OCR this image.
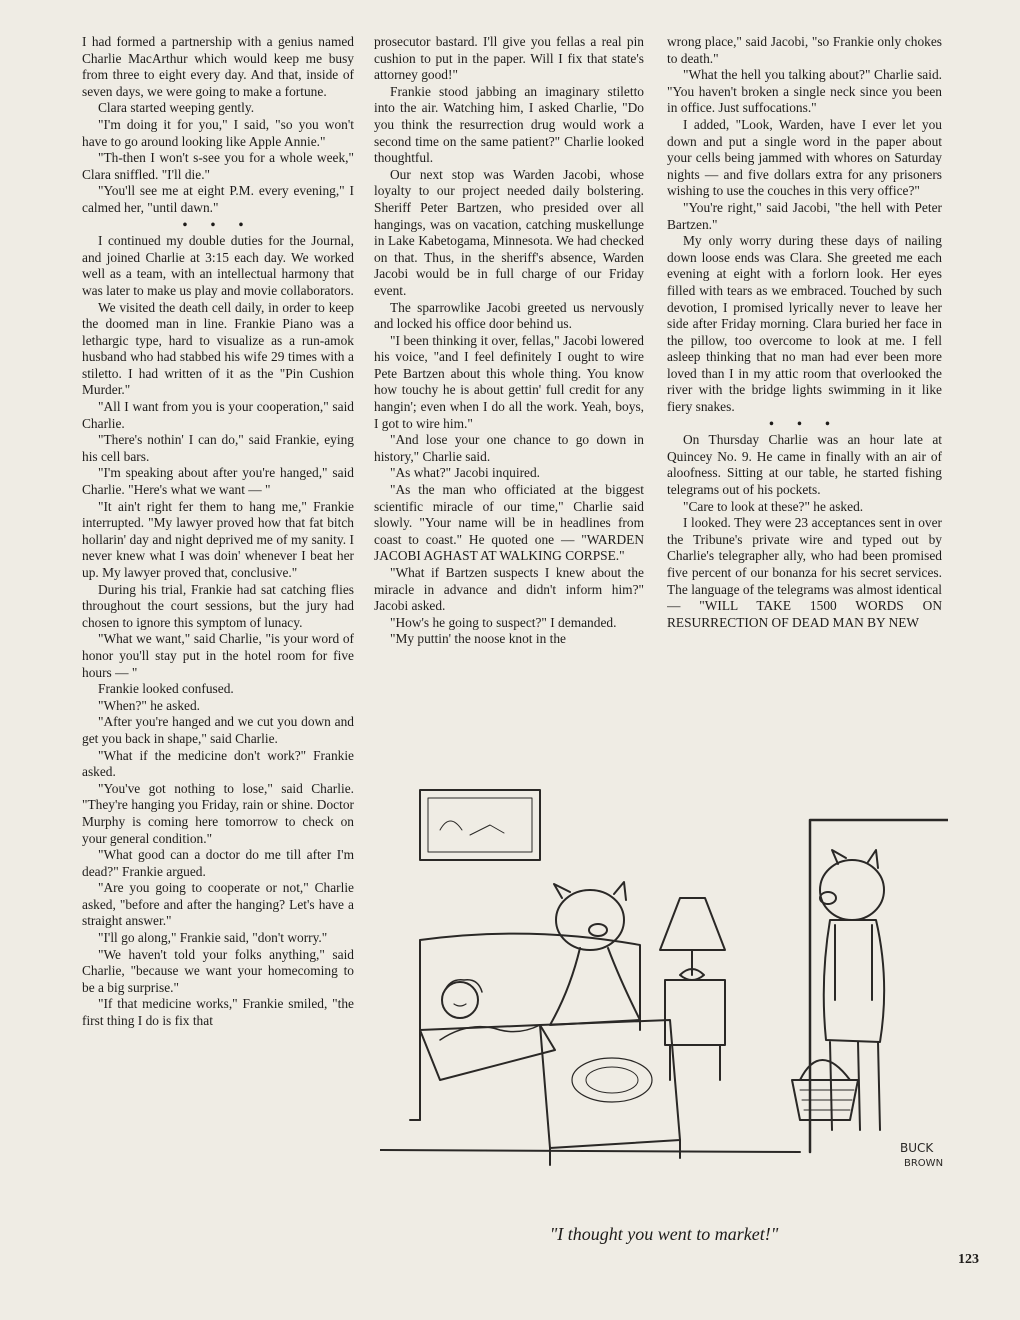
I had formed a partnership with a genius named Charlie MacArthur which would keep me busy from three to eight every day. And that, inside of seven days, we were going to make a fortune.

Clara started weeping gently.

"I'm doing it for you," I said, "so you won't have to go around looking like Apple Annie."

"Th-then I won't s-see you for a whole week," Clara sniffled. "I'll die."

"You'll see me at eight P.M. every evening," I calmed her, "until dawn."

• • •

I continued my double duties for the Journal, and joined Charlie at 3:15 each day. We worked well as a team, with an intellectual harmony that was later to make us play and movie collaborators.

We visited the death cell daily, in order to keep the doomed man in line. Frankie Piano was a lethargic type, hard to visualize as a run-amok husband who had stabbed his wife 29 times with a stiletto. I had written of it as the "Pin Cushion Murder."

"All I want from you is your cooperation," said Charlie.

"There's nothin' I can do," said Frankie, eying his cell bars.

"I'm speaking about after you're hanged," said Charlie. "Here's what we want — "

"It ain't right fer them to hang me," Frankie interrupted. "My lawyer proved how that fat bitch hollarin' day and night deprived me of my sanity. I never knew what I was doin' whenever I beat her up. My lawyer proved that, conclusive."

During his trial, Frankie had sat catching flies throughout the court sessions, but the jury had chosen to ignore this symptom of lunacy.

"What we want," said Charlie, "is your word of honor you'll stay put in the hotel room for five hours — "

Frankie looked confused.

"When?" he asked.

"After you're hanged and we cut you down and get you back in shape," said Charlie.

"What if the medicine don't work?" Frankie asked.

"You've got nothing to lose," said Charlie. "They're hanging you Friday, rain or shine. Doctor Murphy is coming here tomorrow to check on your general condition."

"What good can a doctor do me till after I'm dead?" Frankie argued.

"Are you going to cooperate or not," Charlie asked, "before and after the hanging? Let's have a straight answer."

"I'll go along," Frankie said, "don't worry."

"We haven't told your folks anything," said Charlie, "because we want your homecoming to be a big surprise."

"If that medicine works," Frankie smiled, "the first thing I do is fix that

prosecutor bastard. I'll give you fellas a real pin cushion to put in the paper. Will I fix that state's attorney good!"

Frankie stood jabbing an imaginary stiletto into the air. Watching him, I asked Charlie, "Do you think the resurrection drug would work a second time on the same patient?" Charlie looked thoughtful.

Our next stop was Warden Jacobi, whose loyalty to our project needed daily bolstering. Sheriff Peter Bartzen, who presided over all hangings, was on vacation, catching muskellunge in Lake Kabetogama, Minnesota. We had checked on that. Thus, in the sheriff's absence, Warden Jacobi would be in full charge of our Friday event.

The sparrowlike Jacobi greeted us nervously and locked his office door behind us.

"I been thinking it over, fellas," Jacobi lowered his voice, "and I feel definitely I ought to wire Pete Bartzen about this whole thing. You know how touchy he is about gettin' full credit for any hangin'; even when I do all the work. Yeah, boys, I got to wire him."

"And lose your one chance to go down in history," Charlie said.

"As what?" Jacobi inquired.

"As the man who officiated at the biggest scientific miracle of our time," Charlie said slowly. "Your name will be in headlines from coast to coast." He quoted one — "WARDEN JACOBI AGHAST AT WALKING CORPSE."

"What if Bartzen suspects I knew about the miracle in advance and didn't inform him?" Jacobi asked.

"How's he going to suspect?" I demanded.

"My puttin' the noose knot in the

wrong place," said Jacobi, "so Frankie only chokes to death."

"What the hell you talking about?" Charlie said. "You haven't broken a single neck since you been in office. Just suffocations."

I added, "Look, Warden, have I ever let you down and put a single word in the paper about your cells being jammed with whores on Saturday nights — and five dollars extra for any prisoners wishing to use the couches in this very office?"

"You're right," said Jacobi, "the hell with Peter Bartzen."

My only worry during these days of nailing down loose ends was Clara. She greeted me each evening at eight with a forlorn look. Her eyes filled with tears as we embraced. Touched by such devotion, I promised lyrically never to leave her side after Friday morning. Clara buried her face in the pillow, too overcome to look at me. I fell asleep thinking that no man had ever been more loved than I in my attic room that overlooked the river with the bridge lights swimming in it like fiery snakes.

• • •

On Thursday Charlie was an hour late at Quincey No. 9. He came in finally with an air of aloofness. Sitting at our table, he started fishing telegrams out of his pockets.

"Care to look at these?" he asked.

I looked. They were 23 acceptances sent in over the Tribune's private wire and typed out by Charlie's telegrapher ally, who had been promised five percent of our bonanza for his secret services. The language of the telegrams was almost identical — "WILL TAKE 1500 WORDS ON RESURRECTION OF DEAD MAN BY NEW

BUCK
BROWN
"I thought you went to market!"
123
